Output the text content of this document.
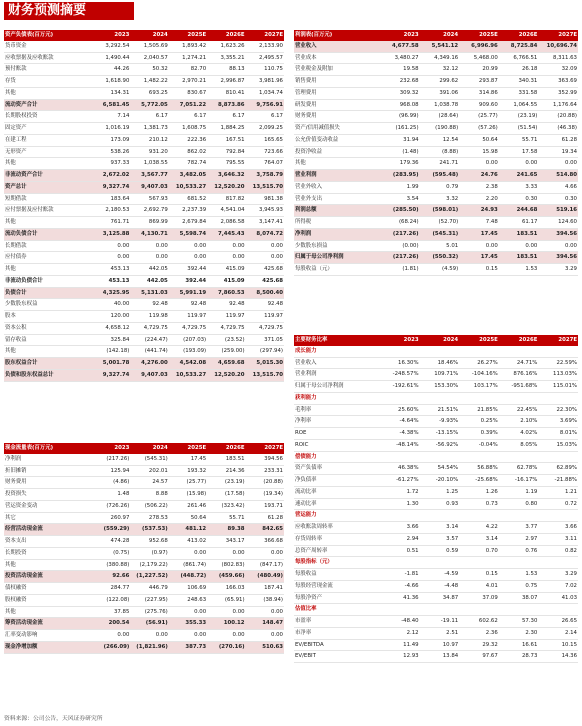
财务预测摘要
资产负债表(百万元)	2023	2024	2025E	2026E	2027E
货币资金	3,292.54	1,505.69	1,893.42	1,623.26	2,133.90
应收票据及应收账款	1,490.44	2,040.57	1,274.21	3,355.21	2,495.57
预付账款	44.26	50.32	82.70	88.13	110.75
存货	1,618.90	1,482.22	2,970.21	2,996.87	3,981.96
其他	134.31	693.25	830.67	810.41	1,034.74
流动资产合计	6,581.45	5,772.05	7,051.22	8,873.86	9,756.91
长期股权投资	7.14	6.17	6.17	6.17	6.17
固定资产	1,016.19	1,381.73	1,608.75	1,884.25	2,099.25
在建工程	173.09	210.12	222.36	167.51	165.65
无形资产	538.26	931.20	862.02	792.84	723.66
其他	937.33	1,038.55	782.74	795.55	764.07
非流动资产合计	2,672.02	3,567.77	3,482.05	3,646.32	3,758.79
资产总计	9,327.74	9,407.03	10,533.27	12,520.20	13,515.70
短期借款	183.64	567.93	681.52	817.82	981.38
应付票据及应付账款	2,180.53	2,692.79	2,237.39	4,541.04	3,945.93
其他	761.71	869.99	2,679.84	2,086.58	3,147.41
流动负债合计	3,125.88	4,130.71	5,598.74	7,445.43	8,074.72
长期借款	0.00	0.00	0.00	0.00	0.00
应付债券	0.00	0.00	0.00	0.00	0.00
其他	453.13	442.05	392.44	415.09	425.68
非流动负债合计	453.13	442.05	392.44	415.09	425.68
负债合计	4,325.95	5,131.03	5,991.19	7,860.53	8,500.40
少数股东权益	40.00	92.48	92.48	92.48	92.48
股本	120.00	119.98	119.97	119.97	119.97
资本公积	4,658.12	4,729.75	4,729.75	4,729.75	4,729.75
留存收益	325.84	(224.47)	(207.03)	(23.52)	371.05
其他	(142.18)	(441.74)	(193.09)	(259.00)	(297.94)
股东权益合计	5,001.78	4,276.00	4,542.08	4,659.68	5,015.30
负债和股东权益总计	9,327.74	9,407.03	10,533.27	12,520.20	13,515.70
利润表(百万元)	2023	2024	2025E	2026E	2027E
营业收入	4,677.58	5,541.12	6,996.96	8,725.84	10,696.74
营业成本	3,480.27	4,349.16	5,468.00	6,766.51	8,311.63
营业税金及附加	19.58	32.12	20.99	26.18	32.09
销售费用	232.68	299.62	293.87	340.31	363.69
管理费用	309.32	391.06	314.86	331.58	352.99
研发费用	968.08	1,038.78	909.60	1,064.55	1,176.64
财务费用	(96.99)	(28.64)	(25.77)	(23.19)	(20.88)
资产/信用减值损失	(161.25)	(190.88)	(57.26)	(51.54)	(46.38)
公允价值变动收益	31.94	12.54	50.64	55.71	61.28
投资净收益	(1.48)	(8.88)	15.98	17.58	19.34
其他	179.36	241.71	0.00	0.00	0.00
营业利润	(283.95)	(595.48)	24.76	241.65	514.80
营业外收入	1.99	0.79	2.38	3.33	4.66
营业外支出	3.54	3.32	2.20	0.30	0.30
利润总额	(285.50)	(598.01)	24.93	244.68	519.16
所得税	(68.24)	(52.70)	7.48	61.17	124.60
净利润	(217.26)	(545.31)	17.45	183.51	394.56
少数股东损益	(0.00)	5.01	0.00	0.00	0.00
归属于母公司净利润	(217.26)	(550.32)	17.45	183.51	394.56
每股收益（元）	(1.81)	(4.59)	0.15	1.53	3.29
现金流量表(百万元)	2023	2024	2025E	2026E	2027E
净利润	(217.26)	(545.31)	17.45	183.51	394.56
折旧摊销	125.94	202.01	193.32	214.36	233.31
财务费用	(4.86)	24.57	(25.77)	(23.19)	(20.88)
投资损失	1.48	8.88	(15.98)	(17.58)	(19.34)
营运资金变动	(726.26)	(506.22)	261.46	(323.42)	193.71
其它	260.97	278.53	50.64	55.71	61.28
经营活动现金流	(559.29)	(537.53)	481.12	89.38	842.65
资本支出	474.28	952.68	413.02	343.17	366.68
长期投资	(0.75)	(0.97)	0.00	0.00	0.00
其他	(380.88)	(2,179.22)	(861.74)	(802.83)	(847.17)
投资活动现金流	92.66	(1,227.52)	(448.72)	(459.66)	(480.49)
债权融资	284.77	446.79	106.69	166.03	187.41
股权融资	(122.08)	(227.95)	248.63	(65.91)	(38.94)
其他	37.85	(275.76)	0.00	0.00	0.00
筹资活动现金流	200.54	(56.91)	355.33	100.12	148.47
汇率变动影响	0.00	0.00	0.00	0.00	0.00
现金净增加额	(266.09)	(1,821.96)	387.73	(270.16)	510.63
主要财务比率	2023	2024	2025E	2026E	2027E
成长能力					
营业收入	16.30%	18.46%	26.27%	24.71%	22.59%
营业利润	-248.57%	109.71%	-104.16%	876.16%	113.03%
归属于母公司净利润	-192.61%	153.30%	103.17%	-951.68%	115.01%
获利能力					
毛利率	25.60%	21.51%	21.85%	22.45%	22.30%
净利率	-4.64%	-9.93%	0.25%	2.10%	3.69%
ROE	-4.38%	-13.15%	0.39%	4.02%	8.01%
ROIC	-48.14%	-56.92%	-0.04%	8.05%	15.03%
偿债能力					
资产负债率	46.38%	54.54%	56.88%	62.78%	62.89%
净负债率	-61.27%	-20.10%	-25.68%	-16.17%	-21.88%
流动比率	1.72	1.25	1.26	1.19	1.21
速动比率	1.30	0.93	0.73	0.80	0.72
营运能力					
应收账款周转率	3.66	3.14	4.22	3.77	3.66
存货周转率	2.94	3.57	3.14	2.97	3.11
总资产周转率	0.51	0.59	0.70	0.76	0.82
每股指标（元）					
每股收益	-1.81	-4.59	0.15	1.53	3.29
每股经营现金流	-4.66	-4.48	4.01	0.75	7.02
每股净资产	41.36	34.87	37.09	38.07	41.03
估值比率					
市盈率	-48.40	-19.11	602.62	57.30	26.65
市净率	2.12	2.51	2.36	2.30	2.14
EV/EBITDA	11.49	10.97	29.32	16.61	10.15
EV/EBIT	12.93	13.84	97.67	28.73	14.36
资料来源：公司公告，天风证券研究所
